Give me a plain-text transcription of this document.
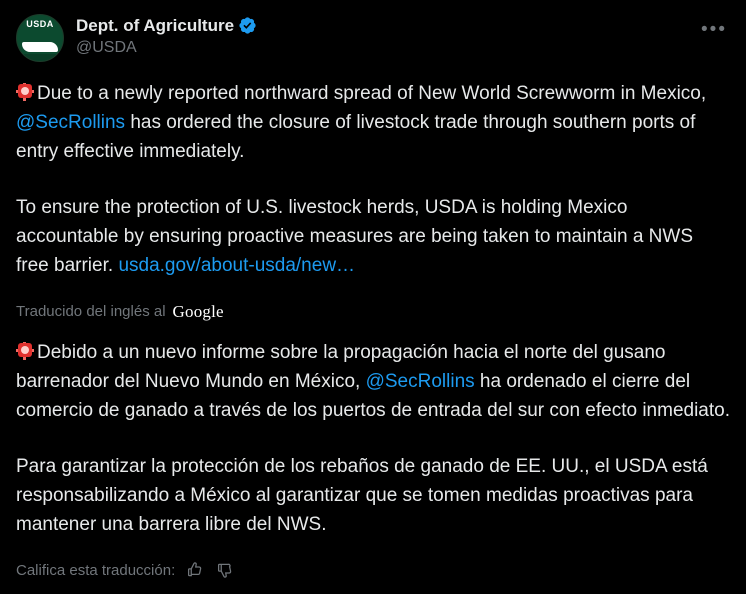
USDA	Dept. of Agriculture
@USDA
•••

Due to a newly reported northward spread of New World Screwworm in Mexico, @SecRollins has ordered the closure of livestock trade through southern ports of entry effective immediately.

To ensure the protection of U.S. livestock herds, USDA is holding Mexico accountable by ensuring proactive measures are being taken to maintain a NWS free barrier. usda.gov/about-usda/new…

Traducido del inglés al Google

Debido a un nuevo informe sobre la propagación hacia el norte del gusano barrenador del Nuevo Mundo en México, @SecRollins ha ordenado el cierre del comercio de ganado a través de los puertos de entrada del sur con efecto inmediato.

Para garantizar la protección de los rebaños de ganado de EE. UU., el USDA está responsabilizando a México al garantizar que se tomen medidas proactivas para mantener una barrera libre del NWS.

Califica esta traducción:
